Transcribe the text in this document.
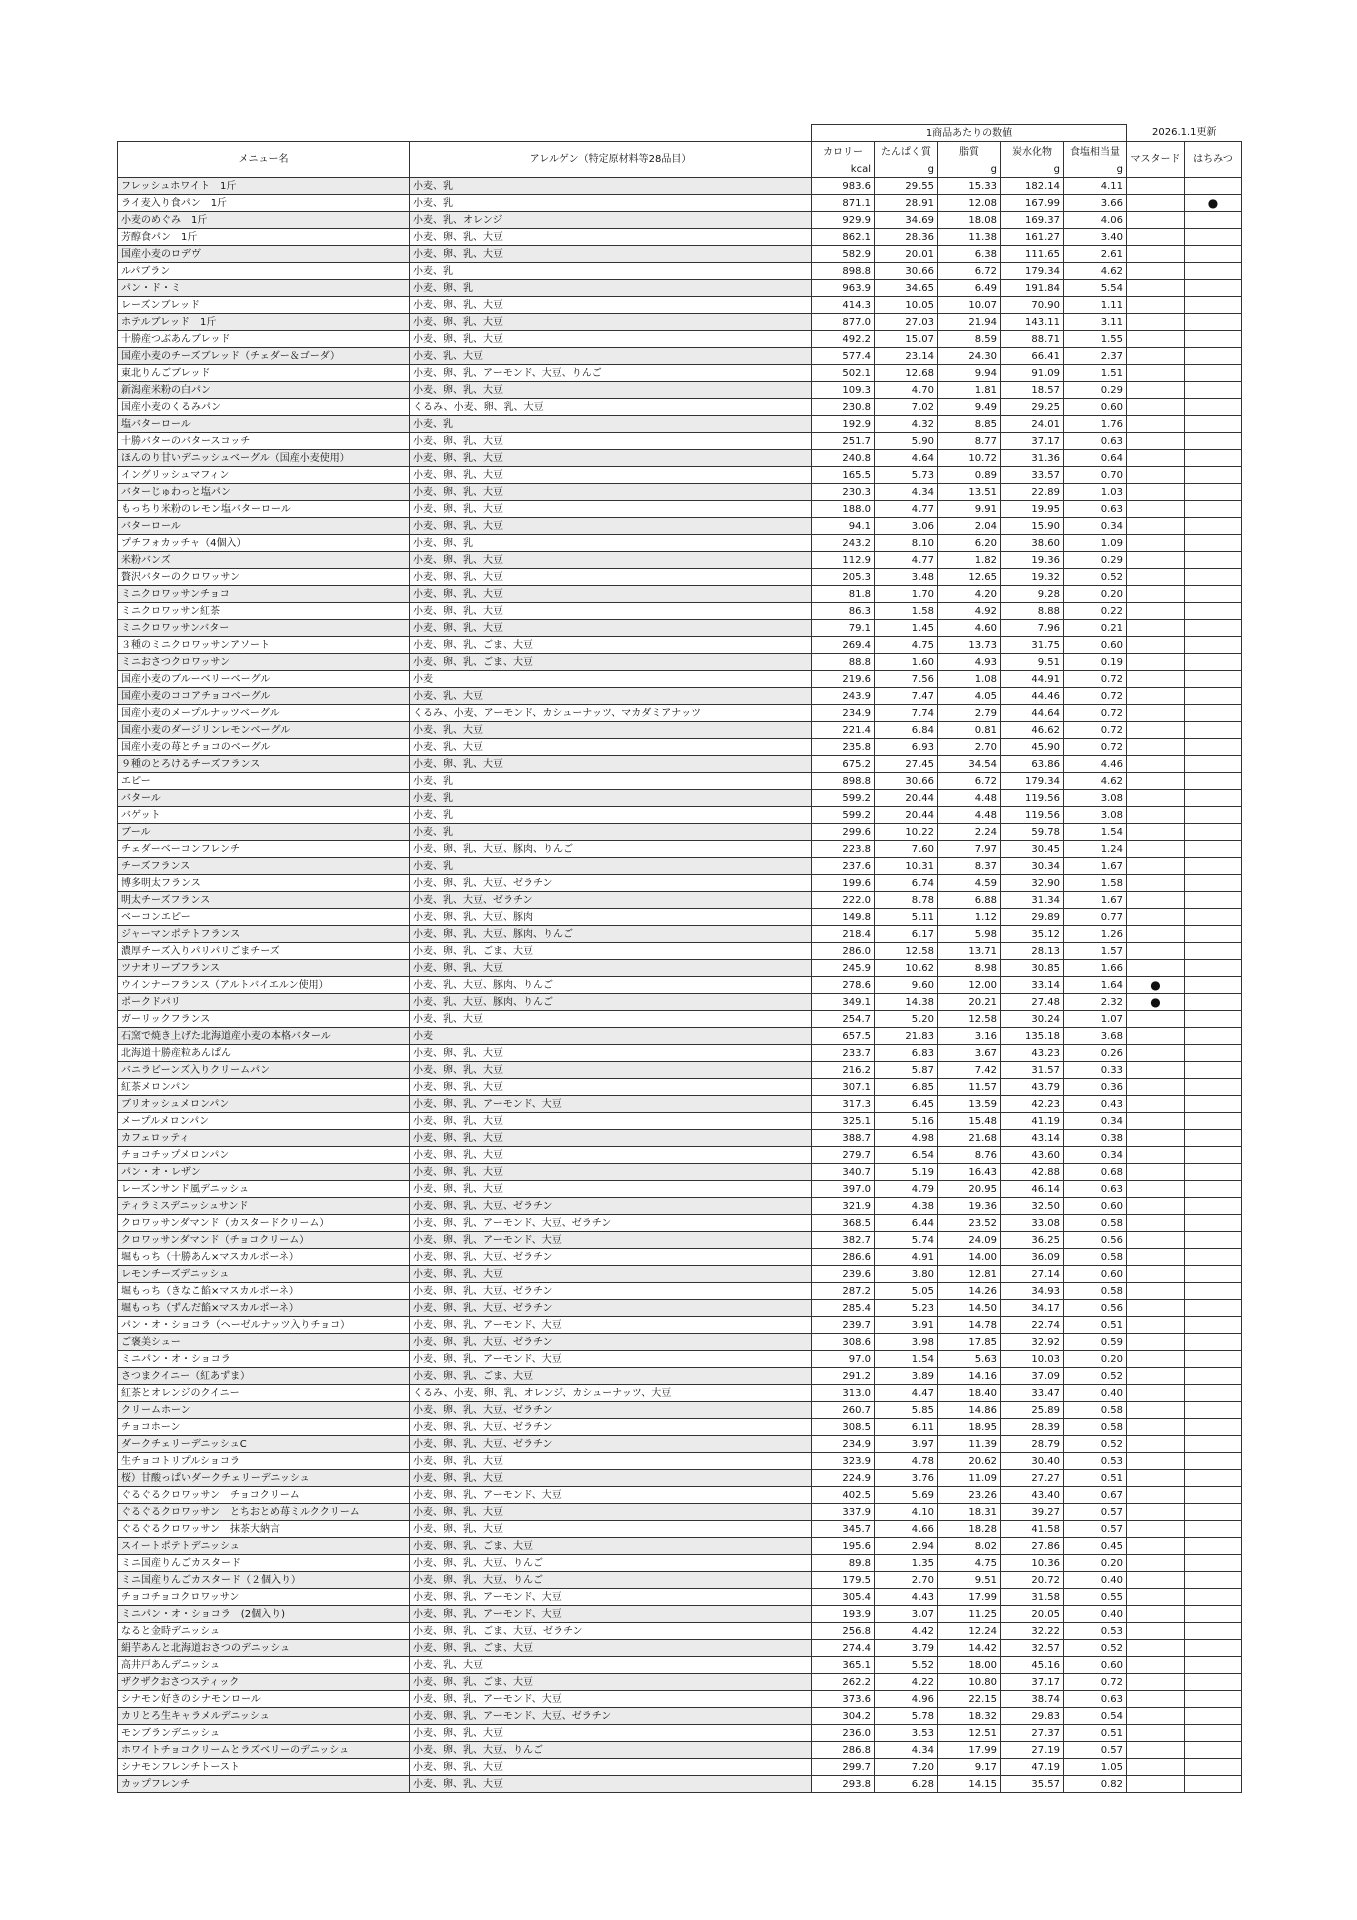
		1商品あたりの数値					2026.1.1更新	
メニュー名	アレルゲン（特定原材料等28品目）	カロリー	たんぱく質	脂質	炭水化物	食塩相当量	マスタード	はちみつ
		kcal	g	g	g	g		
フレッシュホワイト　1斤	小麦、乳	983.6	29.55	15.33	182.14	4.11		
ライ麦入り食パン　1斤	小麦、乳	871.1	28.91	12.08	167.99	3.66		●
小麦のめぐみ　1斤	小麦、乳、オレンジ	929.9	34.69	18.08	169.37	4.06		
芳醇食パン　1斤	小麦、卵、乳、大豆	862.1	28.36	11.38	161.27	3.40		
国産小麦のロデヴ	小麦、卵、乳、大豆	582.9	20.01	6.38	111.65	2.61		
ルパブラン	小麦、乳	898.8	30.66	6.72	179.34	4.62		
パン・ド・ミ	小麦、卵、乳	963.9	34.65	6.49	191.84	5.54		
レーズンブレッド	小麦、卵、乳、大豆	414.3	10.05	10.07	70.90	1.11		
ホテルブレッド　1斤	小麦、卵、乳、大豆	877.0	27.03	21.94	143.11	3.11		
十勝産つぶあんブレッド	小麦、卵、乳、大豆	492.2	15.07	8.59	88.71	1.55		
国産小麦のチーズブレッド（チェダー＆ゴーダ）	小麦、乳、大豆	577.4	23.14	24.30	66.41	2.37		
東北りんごブレッド	小麦、卵、乳、アーモンド、大豆、りんご	502.1	12.68	9.94	91.09	1.51		
新潟産米粉の白パン	小麦、卵、乳、大豆	109.3	4.70	1.81	18.57	0.29		
国産小麦のくるみパン	くるみ、小麦、卵、乳、大豆	230.8	7.02	9.49	29.25	0.60		
塩バターロール	小麦、乳	192.9	4.32	8.85	24.01	1.76		
十勝バターのバタースコッチ	小麦、卵、乳、大豆	251.7	5.90	8.77	37.17	0.63		
ほんのり甘いデニッシュベーグル（国産小麦使用）	小麦、卵、乳、大豆	240.8	4.64	10.72	31.36	0.64		
イングリッシュマフィン	小麦、卵、乳、大豆	165.5	5.73	0.89	33.57	0.70		
バターじゅわっと塩パン	小麦、卵、乳、大豆	230.3	4.34	13.51	22.89	1.03		
もっちり米粉のレモン塩バターロール	小麦、卵、乳、大豆	188.0	4.77	9.91	19.95	0.63		
バターロール	小麦、卵、乳、大豆	94.1	3.06	2.04	15.90	0.34		
プチフォカッチャ（4個入）	小麦、卵、乳	243.2	8.10	6.20	38.60	1.09		
米粉バンズ	小麦、卵、乳、大豆	112.9	4.77	1.82	19.36	0.29		
贅沢バターのクロワッサン	小麦、卵、乳、大豆	205.3	3.48	12.65	19.32	0.52		
ミニクロワッサンチョコ	小麦、卵、乳、大豆	81.8	1.70	4.20	9.28	0.20		
ミニクロワッサン紅茶	小麦、卵、乳、大豆	86.3	1.58	4.92	8.88	0.22		
ミニクロワッサンバター	小麦、卵、乳、大豆	79.1	1.45	4.60	7.96	0.21		
３種のミニクロワッサンアソート	小麦、卵、乳、ごま、大豆	269.4	4.75	13.73	31.75	0.60		
ミニおさつクロワッサン	小麦、卵、乳、ごま、大豆	88.8	1.60	4.93	9.51	0.19		
国産小麦のブルーベリーベーグル	小麦	219.6	7.56	1.08	44.91	0.72		
国産小麦のココアチョコベーグル	小麦、乳、大豆	243.9	7.47	4.05	44.46	0.72		
国産小麦のメープルナッツベーグル	くるみ、小麦、アーモンド、カシューナッツ、マカダミアナッツ	234.9	7.74	2.79	44.64	0.72		
国産小麦のダージリンレモンベーグル	小麦、乳、大豆	221.4	6.84	0.81	46.62	0.72		
国産小麦の苺とチョコのベーグル	小麦、乳、大豆	235.8	6.93	2.70	45.90	0.72		
９種のとろけるチーズフランス	小麦、卵、乳、大豆	675.2	27.45	34.54	63.86	4.46		
エピー	小麦、乳	898.8	30.66	6.72	179.34	4.62		
バタール	小麦、乳	599.2	20.44	4.48	119.56	3.08		
バゲット	小麦、乳	599.2	20.44	4.48	119.56	3.08		
ブール	小麦、乳	299.6	10.22	2.24	59.78	1.54		
チェダーベーコンフレンチ	小麦、卵、乳、大豆、豚肉、りんご	223.8	7.60	7.97	30.45	1.24		
チーズフランス	小麦、乳	237.6	10.31	8.37	30.34	1.67		
博多明太フランス	小麦、卵、乳、大豆、ゼラチン	199.6	6.74	4.59	32.90	1.58		
明太チーズフランス	小麦、乳、大豆、ゼラチン	222.0	8.78	6.88	31.34	1.67		
ベーコンエピー	小麦、卵、乳、大豆、豚肉	149.8	5.11	1.12	29.89	0.77		
ジャーマンポテトフランス	小麦、卵、乳、大豆、豚肉、りんご	218.4	6.17	5.98	35.12	1.26		
濃厚チーズ入りパリパリごまチーズ	小麦、卵、乳、ごま、大豆	286.0	12.58	13.71	28.13	1.57		
ツナオリーブフランス	小麦、卵、乳、大豆	245.9	10.62	8.98	30.85	1.66		
ウインナーフランス（アルトバイエルン使用）	小麦、乳、大豆、豚肉、りんご	278.6	9.60	12.00	33.14	1.64	●	
ポークドパリ	小麦、乳、大豆、豚肉、りんご	349.1	14.38	20.21	27.48	2.32	●	
ガーリックフランス	小麦、乳、大豆	254.7	5.20	12.58	30.24	1.07		
石窯で焼き上げた北海道産小麦の本格バタール	小麦	657.5	21.83	3.16	135.18	3.68		
北海道十勝産粒あんぱん	小麦、卵、乳、大豆	233.7	6.83	3.67	43.23	0.26		
バニラビーンズ入りクリームパン	小麦、卵、乳、大豆	216.2	5.87	7.42	31.57	0.33		
紅茶メロンパン	小麦、卵、乳、大豆	307.1	6.85	11.57	43.79	0.36		
ブリオッシュメロンパン	小麦、卵、乳、アーモンド、大豆	317.3	6.45	13.59	42.23	0.43		
メープルメロンパン	小麦、卵、乳、大豆	325.1	5.16	15.48	41.19	0.34		
カフェロッティ	小麦、卵、乳、大豆	388.7	4.98	21.68	43.14	0.38		
チョコチップメロンパン	小麦、卵、乳、大豆	279.7	6.54	8.76	43.60	0.34		
パン・オ・レザン	小麦、卵、乳、大豆	340.7	5.19	16.43	42.88	0.68		
レーズンサンド風デニッシュ	小麦、卵、乳、大豆	397.0	4.79	20.95	46.14	0.63		
ティラミスデニッシュサンド	小麦、卵、乳、大豆、ゼラチン	321.9	4.38	19.36	32.50	0.60		
クロワッサンダマンド（カスタードクリーム）	小麦、卵、乳、アーモンド、大豆、ゼラチン	368.5	6.44	23.52	33.08	0.58		
クロワッサンダマンド（チョコクリーム）	小麦、卵、乳、アーモンド、大豆	382.7	5.74	24.09	36.25	0.56		
堀もっち（十勝あん×マスカルポーネ）	小麦、卵、乳、大豆、ゼラチン	286.6	4.91	14.00	36.09	0.58		
レモンチーズデニッシュ	小麦、卵、乳、大豆	239.6	3.80	12.81	27.14	0.60		
堀もっち（きなこ餡×マスカルポーネ）	小麦、卵、乳、大豆、ゼラチン	287.2	5.05	14.26	34.93	0.58		
堀もっち（ずんだ餡×マスカルポーネ）	小麦、卵、乳、大豆、ゼラチン	285.4	5.23	14.50	34.17	0.56		
パン・オ・ショコラ（ヘーゼルナッツ入りチョコ）	小麦、卵、乳、アーモンド、大豆	239.7	3.91	14.78	22.74	0.51		
ご褒美シュー	小麦、卵、乳、大豆、ゼラチン	308.6	3.98	17.85	32.92	0.59		
ミニパン・オ・ショコラ	小麦、卵、乳、アーモンド、大豆	97.0	1.54	5.63	10.03	0.20		
さつまクイニー（紅あずま）	小麦、卵、乳、ごま、大豆	291.2	3.89	14.16	37.09	0.52		
紅茶とオレンジのクイニー	くるみ、小麦、卵、乳、オレンジ、カシューナッツ、大豆	313.0	4.47	18.40	33.47	0.40		
クリームホーン	小麦、卵、乳、大豆、ゼラチン	260.7	5.85	14.86	25.89	0.58		
チョコホーン	小麦、卵、乳、大豆、ゼラチン	308.5	6.11	18.95	28.39	0.58		
ダークチェリーデニッシュC	小麦、卵、乳、大豆、ゼラチン	234.9	3.97	11.39	28.79	0.52		
生チョコトリプルショコラ	小麦、卵、乳、大豆	323.9	4.78	20.62	30.40	0.53		
桜）甘酸っぱいダークチェリーデニッシュ	小麦、卵、乳、大豆	224.9	3.76	11.09	27.27	0.51		
ぐるぐるクロワッサン　チョコクリーム	小麦、卵、乳、アーモンド、大豆	402.5	5.69	23.26	43.40	0.67		
ぐるぐるクロワッサン　とちおとめ苺ミルククリーム	小麦、卵、乳、大豆	337.9	4.10	18.31	39.27	0.57		
ぐるぐるクロワッサン　抹茶大納言	小麦、卵、乳、大豆	345.7	4.66	18.28	41.58	0.57		
スイートポテトデニッシュ	小麦、卵、乳、ごま、大豆	195.6	2.94	8.02	27.86	0.45		
ミニ国産りんごカスタード	小麦、卵、乳、大豆、りんご	89.8	1.35	4.75	10.36	0.20		
ミニ国産りんごカスタード（２個入り）	小麦、卵、乳、大豆、りんご	179.5	2.70	9.51	20.72	0.40		
チョコチョコクロワッサン	小麦、卵、乳、アーモンド、大豆	305.4	4.43	17.99	31.58	0.55		
ミニパン・オ・ショコラ　(2個入り)	小麦、卵、乳、アーモンド、大豆	193.9	3.07	11.25	20.05	0.40		
なると金時デニッシュ	小麦、卵、乳、ごま、大豆、ゼラチン	256.8	4.42	12.24	32.22	0.53		
絹芋あんと北海道おさつのデニッシュ	小麦、卵、乳、ごま、大豆	274.4	3.79	14.42	32.57	0.52		
高井戸あんデニッシュ	小麦、乳、大豆	365.1	5.52	18.00	45.16	0.60		
ザクザクおさつスティック	小麦、卵、乳、ごま、大豆	262.2	4.22	10.80	37.17	0.72		
シナモン好きのシナモンロール	小麦、卵、乳、アーモンド、大豆	373.6	4.96	22.15	38.74	0.63		
カリとろ生キャラメルデニッシュ	小麦、卵、乳、アーモンド、大豆、ゼラチン	304.2	5.78	18.32	29.83	0.54		
モンブランデニッシュ	小麦、卵、乳、大豆	236.0	3.53	12.51	27.37	0.51		
ホワイトチョコクリームとラズベリーのデニッシュ	小麦、卵、乳、大豆、りんご	286.8	4.34	17.99	27.19	0.57		
シナモンフレンチトースト	小麦、卵、乳、大豆	299.7	7.20	9.17	47.19	1.05		
カップフレンチ	小麦、卵、乳、大豆	293.8	6.28	14.15	35.57	0.82		
